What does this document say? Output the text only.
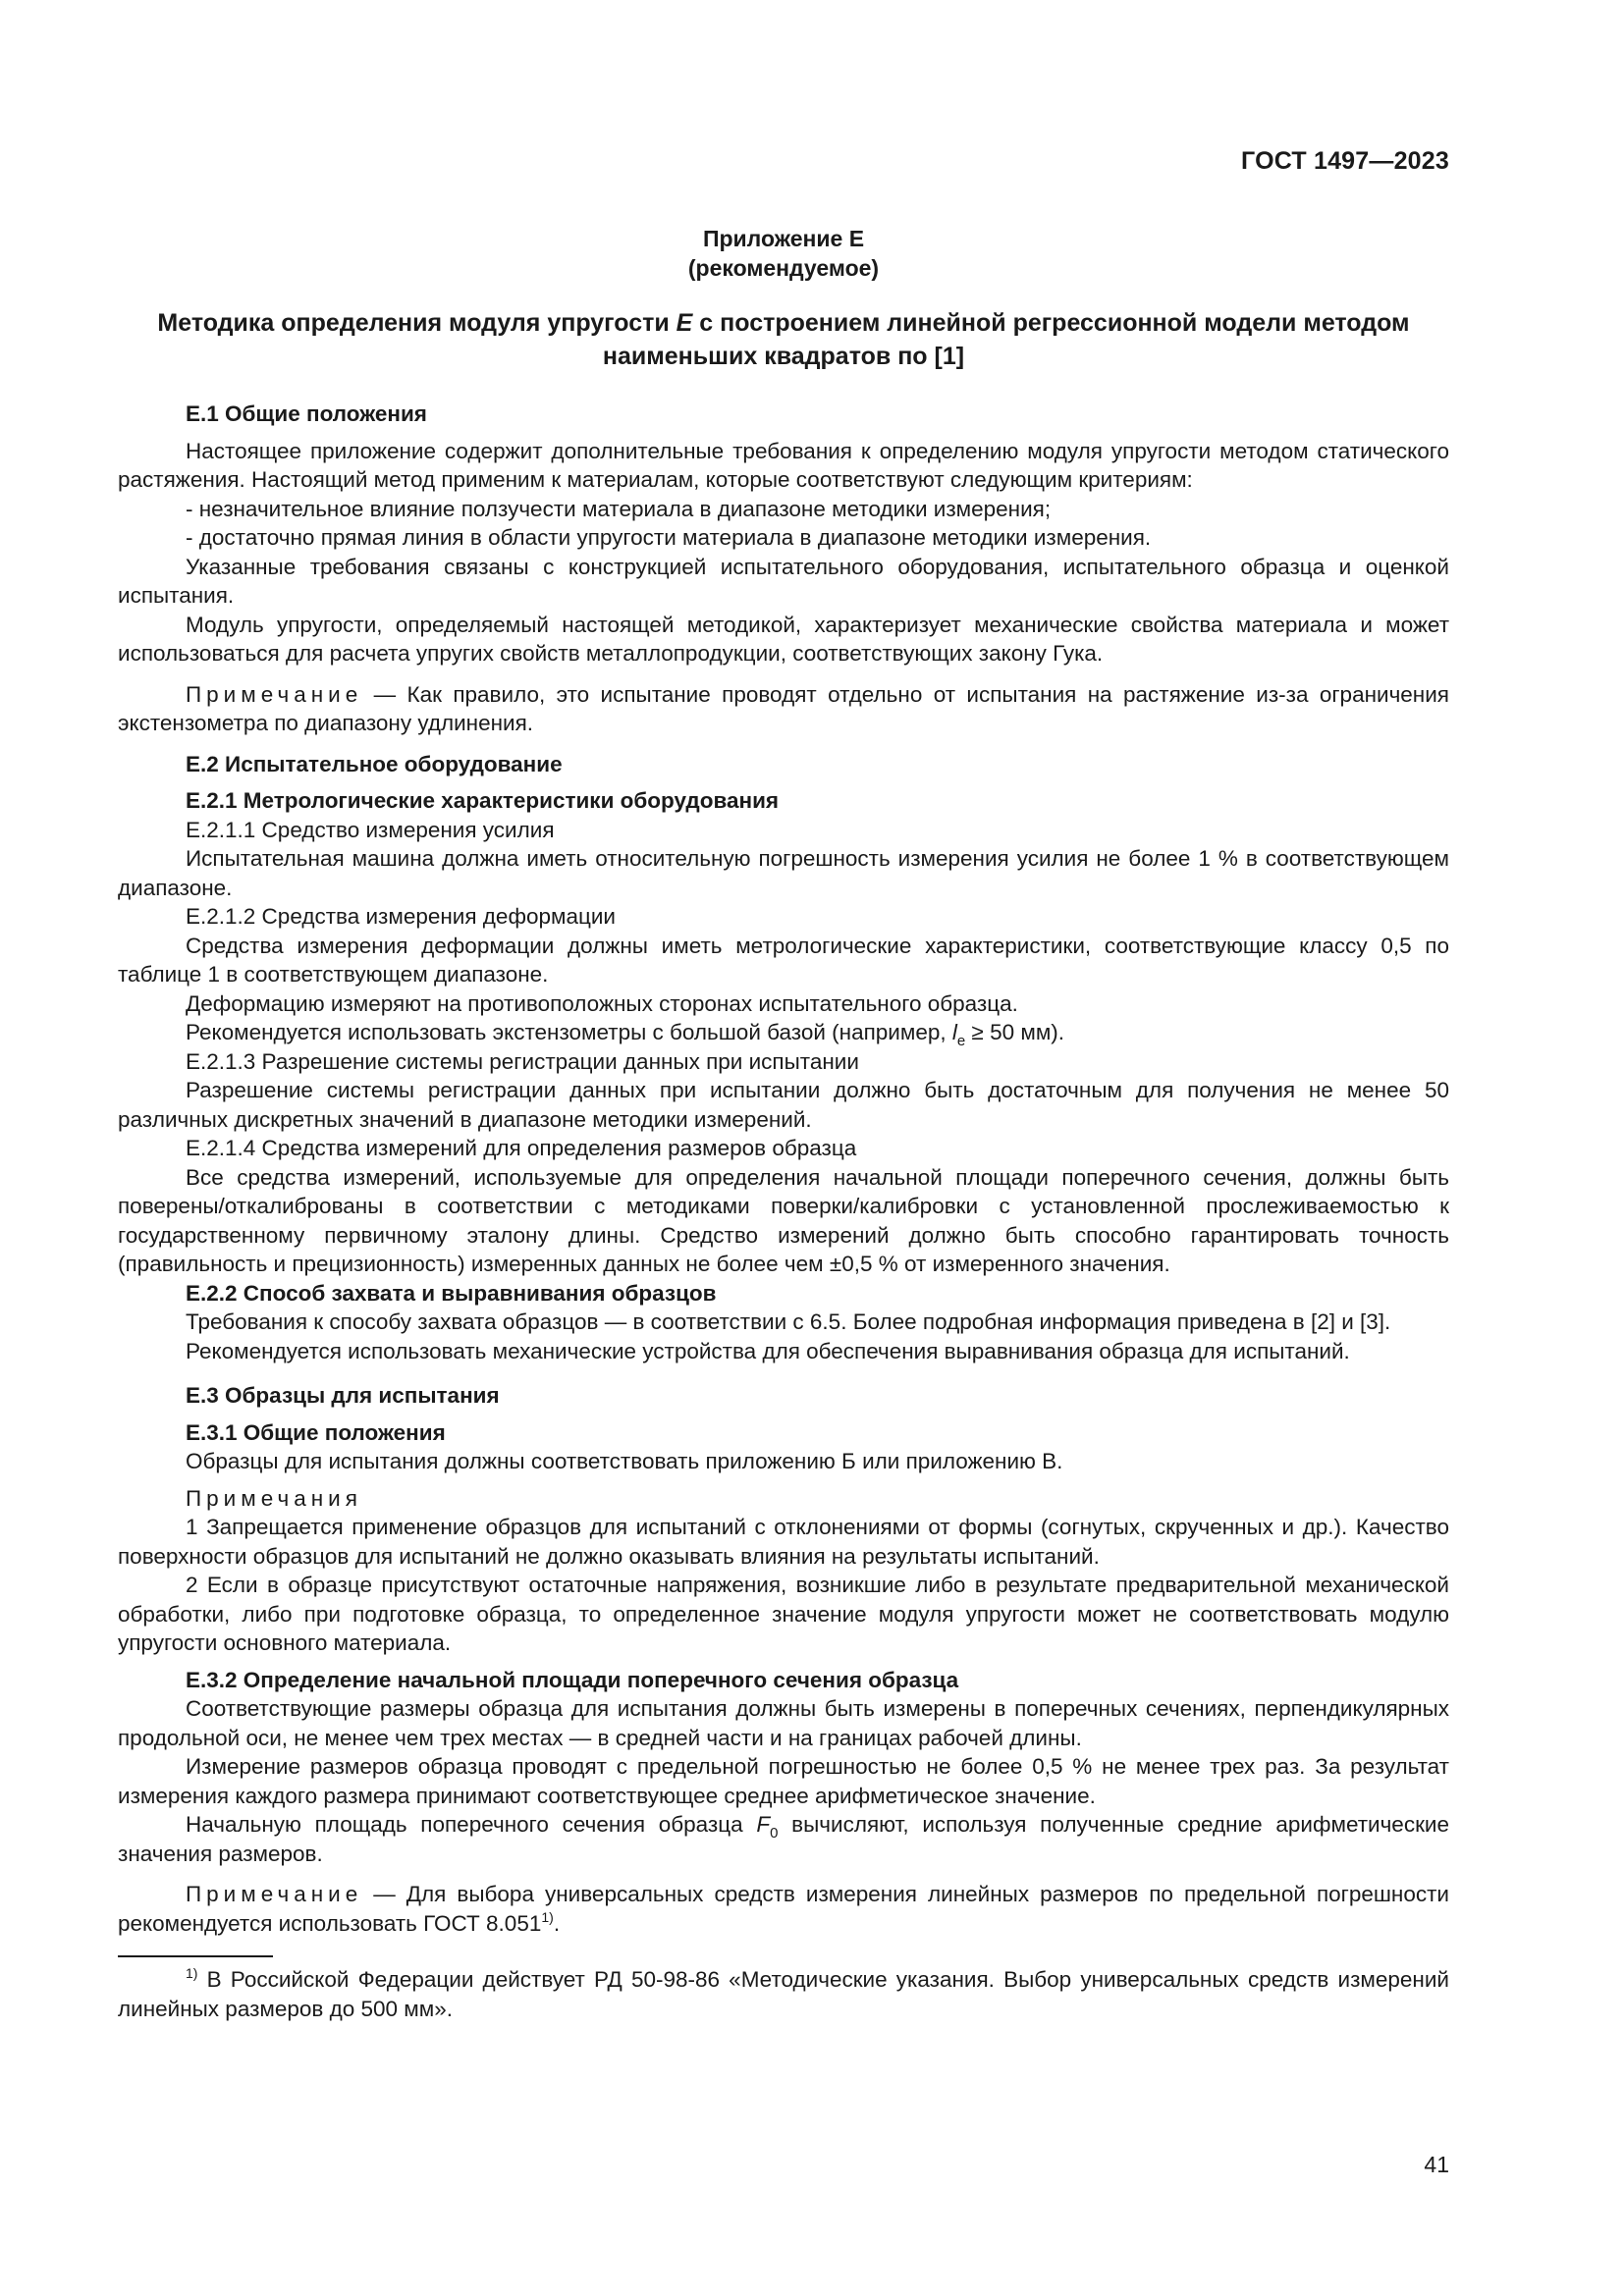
ГОСТ 1497—2023
Приложение Е
(рекомендуемое)
Методика определения модуля упругости E с построением линейной регрессионной модели методом наименьших квадратов по [1]

Е.1 Общие положения

Настоящее приложение содержит дополнительные требования к определению модуля упругости методом статического растяжения. Настоящий метод применим к материалам, которые соответствуют следующим критериям:

- незначительное влияние ползучести материала в диапазоне методики измерения;

- достаточно прямая линия в области упругости материала в диапазоне методики измерения.

Указанные требования связаны с конструкцией испытательного оборудования, испытательного образца и оценкой испытания.

Модуль упругости, определяемый настоящей методикой, характеризует механические свойства материала и может использоваться для расчета упругих свойств металлопродукции, соответствующих закону Гука.

Примечание — Как правило, это испытание проводят отдельно от испытания на растяжение из-за ограничения экстензометра по диапазону удлинения.

Е.2 Испытательное оборудование

Е.2.1 Метрологические характеристики оборудования

Е.2.1.1 Средство измерения усилия

Испытательная машина должна иметь относительную погрешность измерения усилия не более 1 % в соответствующем диапазоне.

Е.2.1.2 Средства измерения деформации

Средства измерения деформации должны иметь метрологические характеристики, соответствующие классу 0,5 по таблице 1 в соответствующем диапазоне.

Деформацию измеряют на противоположных сторонах испытательного образца.

Рекомендуется использовать экстензометры с большой базой (например, $l_e \ge 50$ мм).

Е.2.1.3 Разрешение системы регистрации данных при испытании

Разрешение системы регистрации данных при испытании должно быть достаточным для получения не менее 50 различных дискретных значений в диапазоне методики измерений.

Е.2.1.4 Средства измерений для определения размеров образца

Все средства измерений, используемые для определения начальной площади поперечного сечения, должны быть поверены/откалиброваны в соответствии с методиками поверки/калибровки с установленной прослеживаемостью к государственному первичному эталону длины. Средство измерений должно быть способно гарантировать точность (правильность и прецизионность) измеренных данных не более чем ±0,5 % от измеренного значения.

Е.2.2 Способ захвата и выравнивания образцов

Требования к способу захвата образцов — в соответствии с 6.5. Более подробная информация приведена в [2] и [3].

Рекомендуется использовать механические устройства для обеспечения выравнивания образца для испытаний.

Е.3 Образцы для испытания

Е.3.1 Общие положения

Образцы для испытания должны соответствовать приложению Б или приложению В.

Примечания

1 Запрещается применение образцов для испытаний с отклонениями от формы (согнутых, скрученных и др.). Качество поверхности образцов для испытаний не должно оказывать влияния на результаты испытаний.

2 Если в образце присутствуют остаточные напряжения, возникшие либо в результате предварительной механической обработки, либо при подготовке образца, то определенное значение модуля упругости может не соответствовать модулю упругости основного материала.

Е.3.2 Определение начальной площади поперечного сечения образца

Соответствующие размеры образца для испытания должны быть измерены в поперечных сечениях, перпендикулярных продольной оси, не менее чем трех местах — в средней части и на границах рабочей длины.

Измерение размеров образца проводят с предельной погрешностью не более 0,5 % не менее трех раз. За результат измерения каждого размера принимают соответствующее среднее арифметическое значение.

Начальную площадь поперечного сечения образца $F_0$ вычисляют, используя полученные средние арифметические значения размеров.

Примечание — Для выбора универсальных средств измерения линейных размеров по предельной погрешности рекомендуется использовать ГОСТ 8.051$^{1)}$.

$^{1)}$ В Российской Федерации действует РД 50-98-86 «Методические указания. Выбор универсальных средств измерений линейных размеров до 500 мм».

41
